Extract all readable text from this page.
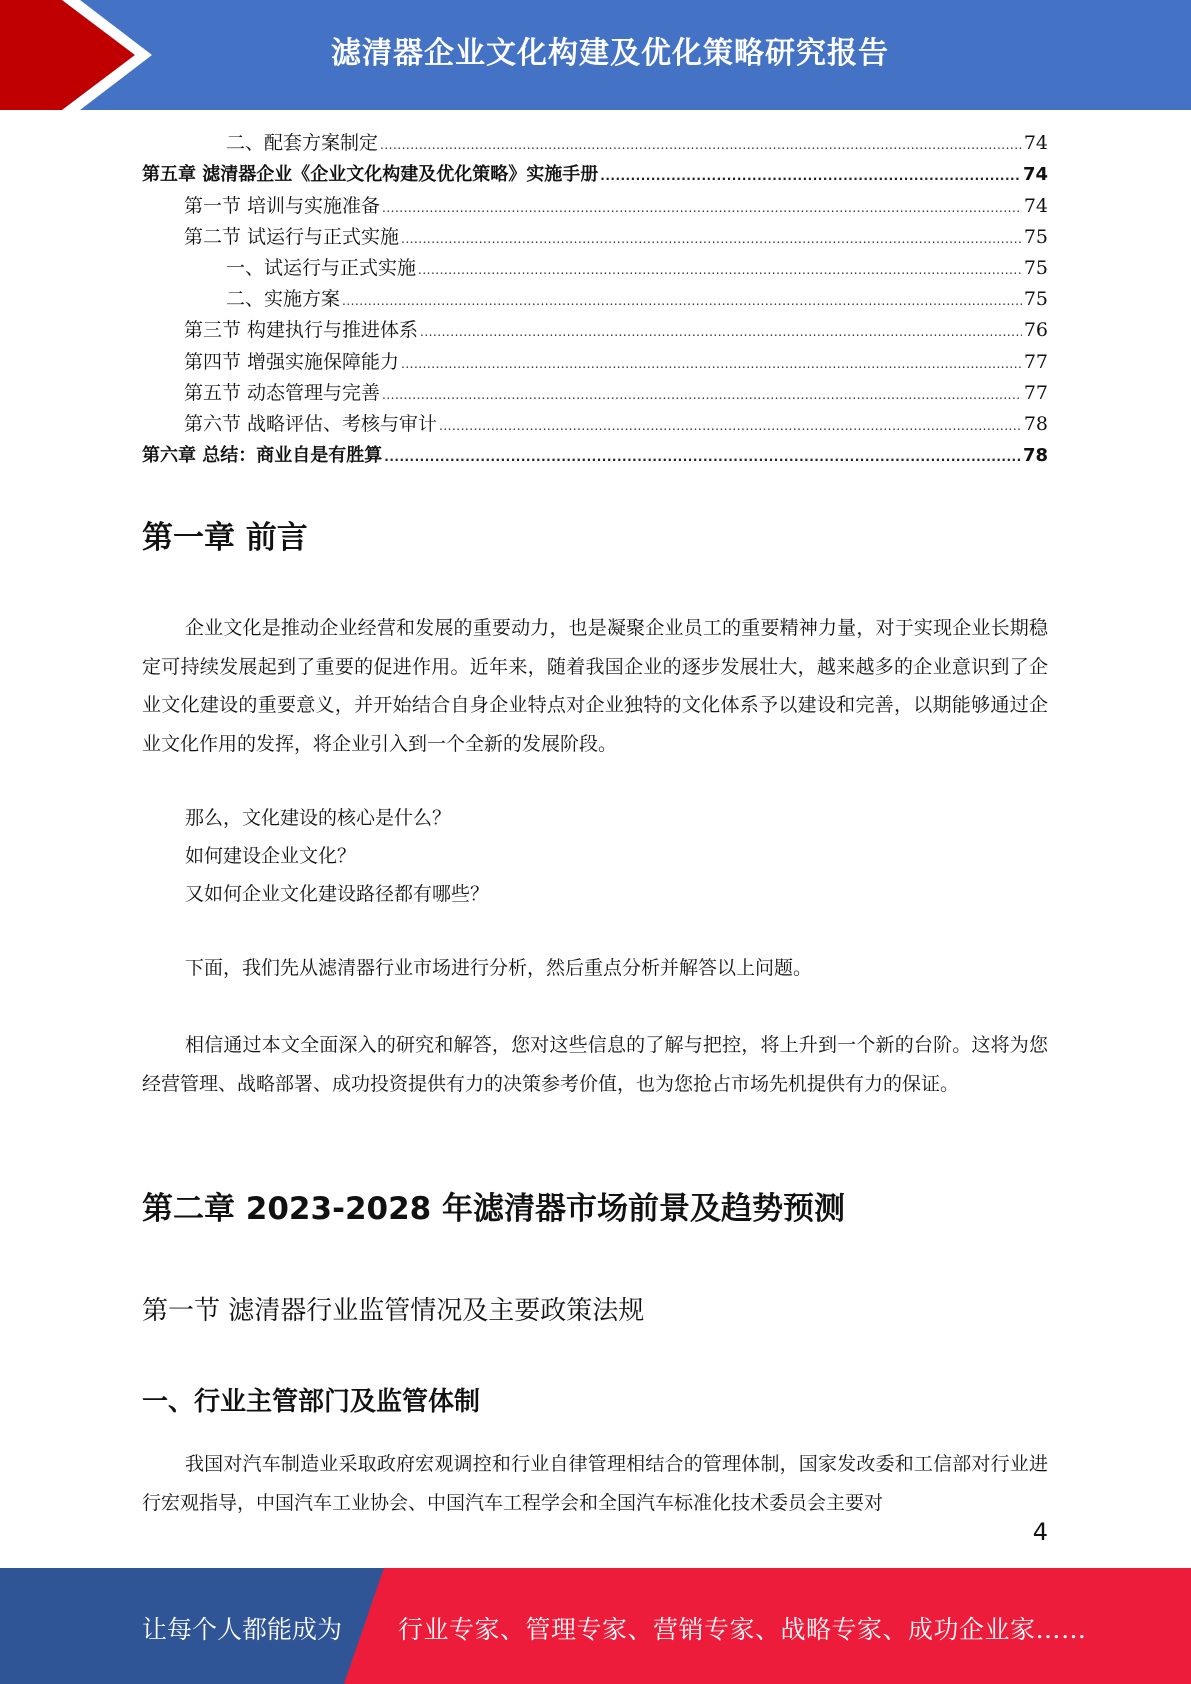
滤清器企业文化构建及优化策略研究报告
二、配套方案制定 .....	74
第五章 滤清器企业《企业文化构建及优化策略》实施手册 .....	74
第一节 培训与实施准备 .....	74
第二节 试运行与正式实施 .....	75
一、试运行与正式实施 .....	75
二、实施方案 .....	75
第三节 构建执行与推进体系 .....	76
第四节 增强实施保障能力 .....	77
第五节 动态管理与完善 .....	77
第六节 战略评估、考核与审计 .....	78
第六章 总结：商业自是有胜算 .....	78
第一章 前言

企业文化是推动企业经营和发展的重要动力，也是凝聚企业员工的重要精神力量，对于实现企业长期稳定可持续发展起到了重要的促进作用。近年来，随着我国企业的逐步发展壮大，越来越多的企业意识到了企业文化建设的重要意义，并开始结合自身企业特点对企业独特的文化体系予以建设和完善，以期能够通过企业文化作用的发挥，将企业引入到一个全新的发展阶段。

那么，文化建设的核心是什么？

如何建设企业文化？

又如何企业文化建设路径都有哪些？

下面，我们先从滤清器行业市场进行分析，然后重点分析并解答以上问题。

相信通过本文全面深入的研究和解答，您对这些信息的了解与把控，将上升到一个新的台阶。这将为您经营管理、战略部署、成功投资提供有力的决策参考价值，也为您抢占市场先机提供有力的保证。

第二章 2023-2028 年滤清器市场前景及趋势预测
第一节 滤清器行业监管情况及主要政策法规
一、行业主管部门及监管体制

我国对汽车制造业采取政府宏观调控和行业自律管理相结合的管理体制，国家发改委和工信部对行业进行宏观指导，中国汽车工业协会、中国汽车工程学会和全国汽车标准化技术委员会主要对

4
让每个人都能成为 行业专家、管理专家、营销专家、战略专家、成功企业家……
